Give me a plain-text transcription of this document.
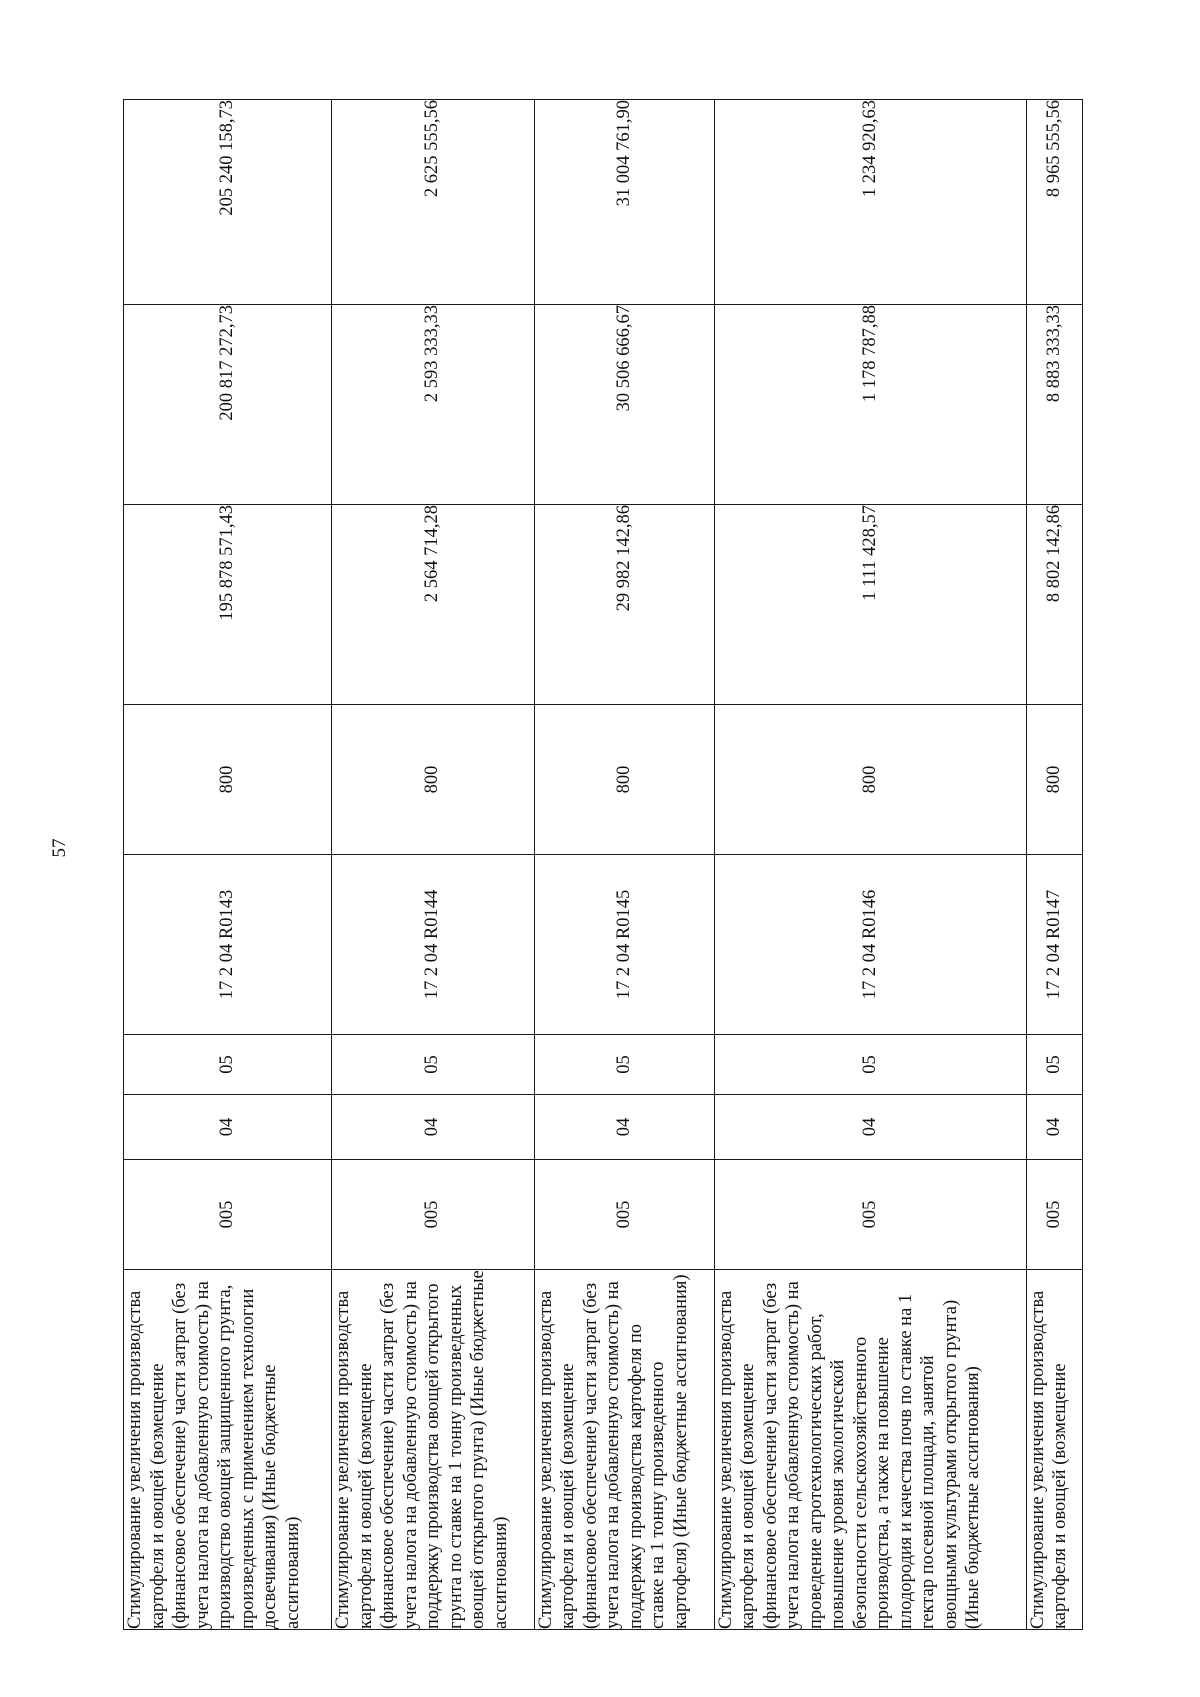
57
Стимулирование увеличения производства картофеля и овощей (возмещение (финансовое обеспечение) части затрат (без учета налога на добавленную стоимость) на производство овощей защищенного грунта, произведенных с применением технологии досвечивания) (Иные бюджетные ассигнования)	005	04	05	17 2 04 R0143	800	195 878 571,43	200 817 272,73	205 240 158,73

Стимулирование увеличения производства картофеля и овощей (возмещение (финансовое обеспечение) части затрат (без учета налога на добавленную стоимость) на поддержку производства овощей открытого грунта по ставке на 1 тонну произведенных овощей открытого грунта) (Иные бюджетные ассигнования)	005	04	05	17 2 04 R0144	800	2 564 714,28	2 593 333,33	2 625 555,56

Стимулирование увеличения производства картофеля и овощей (возмещение (финансовое обеспечение) части затрат (без учета налога на добавленную стоимость) на поддержку производства картофеля по ставке на 1 тонну произведенного картофеля) (Иные бюджетные ассигнования)	005	04	05	17 2 04 R0145	800	29 982 142,86	30 506 666,67	31 004 761,90

Стимулирование увеличения производства картофеля и овощей (возмещение (финансовое обеспечение) части затрат (без учета налога на добавленную стоимость) на проведение агротехнологических работ, повышение уровня экологической безопасности сельскохозяйственного производства, а также на повышение плодородия и качества почв по ставке на 1 гектар посевной площади, занятой овощными культурами открытого грунта) (Иные бюджетные ассигнования)	005	04	05	17 2 04 R0146	800	1 111 428,57	1 178 787,88	1 234 920,63

Стимулирование увеличения производства картофеля и овощей (возмещение	005	04	05	17 2 04 R0147	800	8 802 142,86	8 883 333,33	8 965 555,56
